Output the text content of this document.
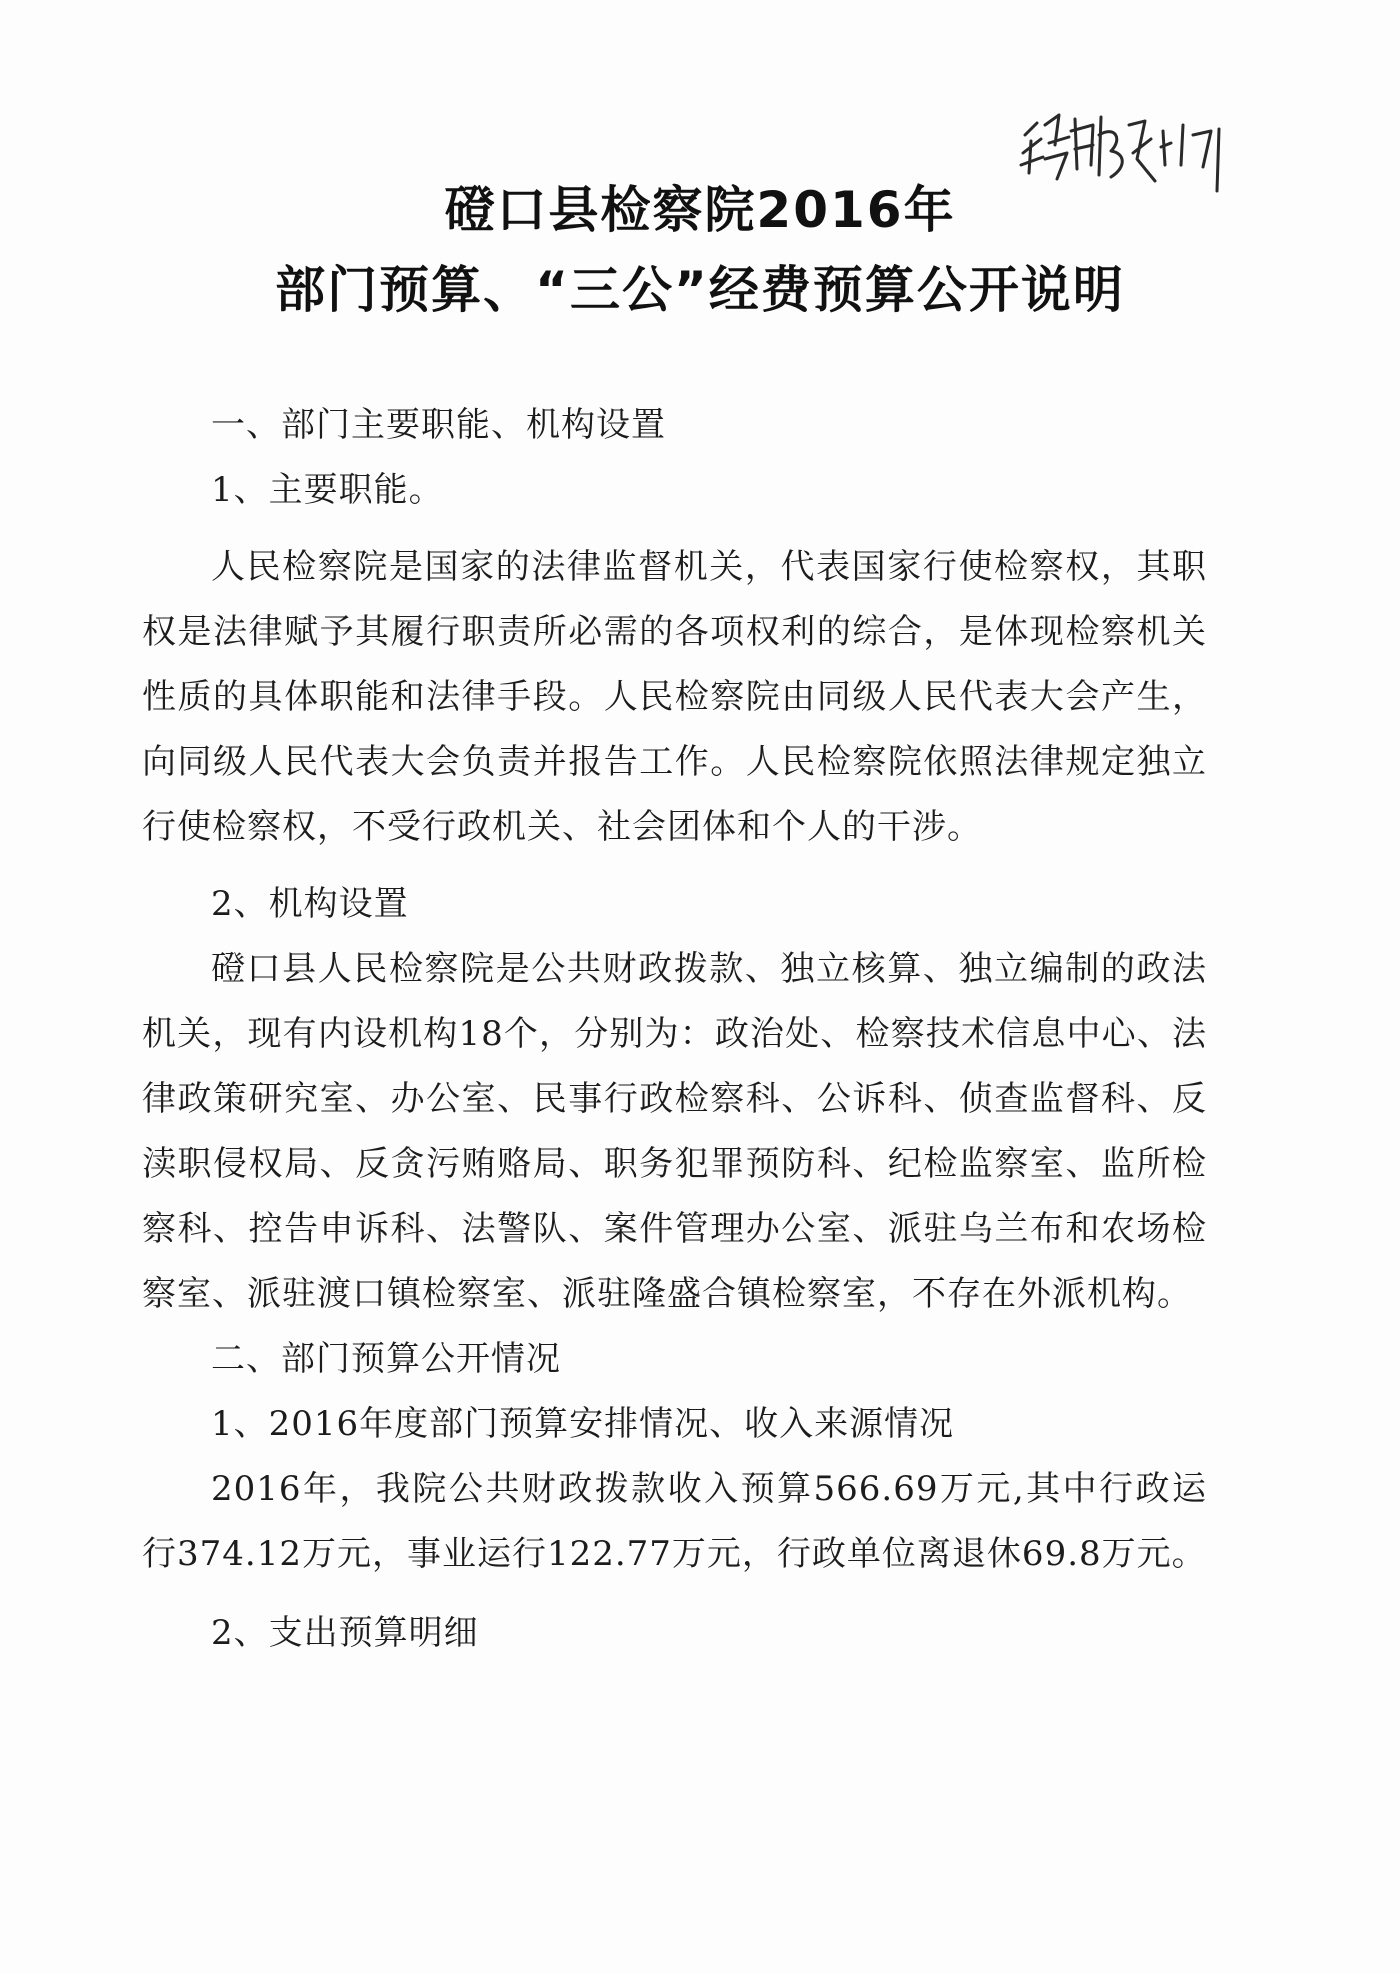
磴口县检察院2016年
部门预算、“三公”经费预算公开说明

一、部门主要职能、机构设置

1、主要职能。

人民检察院是国家的法律监督机关，代表国家行使检察权，其职权是法律赋予其履行职责所必需的各项权利的综合，是体现检察机关性质的具体职能和法律手段。人民检察院由同级人民代表大会产生，向同级人民代表大会负责并报告工作。人民检察院依照法律规定独立行使检察权，不受行政机关、社会团体和个人的干涉。

2、机构设置

磴口县人民检察院是公共财政拨款、独立核算、独立编制的政法机关，现有内设机构18个，分别为：政治处、检察技术信息中心、法律政策研究室、办公室、民事行政检察科、公诉科、侦查监督科、反渎职侵权局、反贪污贿赂局、职务犯罪预防科、纪检监察室、监所检察科、控告申诉科、法警队、案件管理办公室、派驻乌兰布和农场检察室、派驻渡口镇检察室、派驻隆盛合镇检察室，不存在外派机构。

二、部门预算公开情况

1、2016年度部门预算安排情况、收入来源情况

2016年，我院公共财政拨款收入预算566.69万元,其中行政运行374.12万元，事业运行122.77万元，行政单位离退休69.8万元。

2、支出预算明细
